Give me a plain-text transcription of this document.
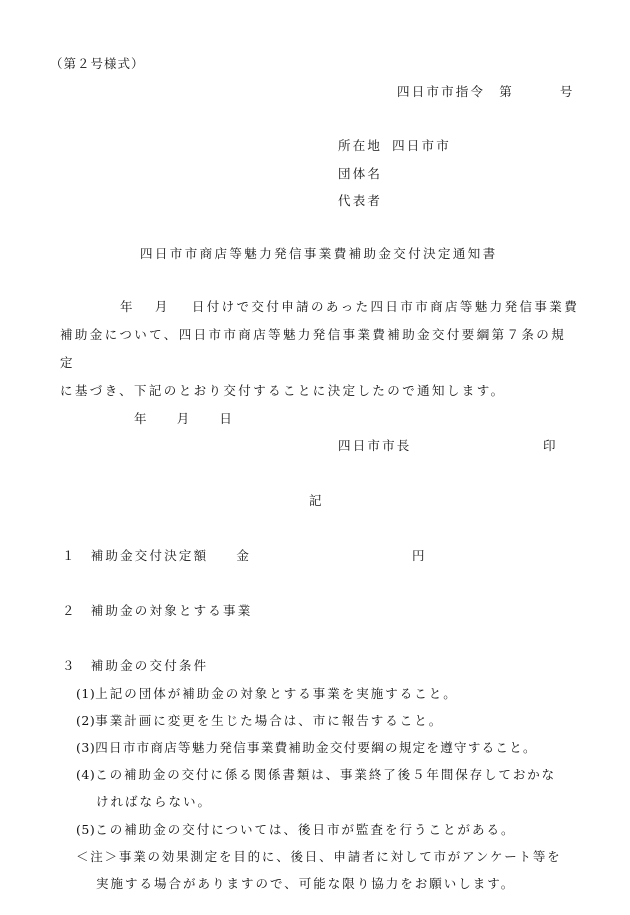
（第２号様式）
四日市市指令 第	号
所在地 四日市市
団体名
代表者
四日市市商店等魅力発信事業費補助金交付決定通知書
年 月 日付けで交付申請のあった四日市市商店等魅力発信事業費
補助金について、四日市市商店等魅力発信事業費補助金交付要綱第７条の規定
に基づき、下記のとおり交付することに決定したので通知します。
年 月 日
四日市市長	印
記
１ 補助金交付決定額 金	円
２ 補助金の対象とする事業
３ 補助金の交付条件
(1)上記の団体が補助金の対象とする事業を実施すること。
(2)事業計画に変更を生じた場合は、市に報告すること。
(3)四日市市商店等魅力発信事業費補助金交付要綱の規定を遵守すること。
(4)この補助金の交付に係る関係書類は、事業終了後５年間保存しておかな
ければならない。
(5)この補助金の交付については、後日市が監査を行うことがある。
＜注＞事業の効果測定を目的に、後日、申請者に対して市がアンケート等を
実施する場合がありますので、可能な限り協力をお願いします。
